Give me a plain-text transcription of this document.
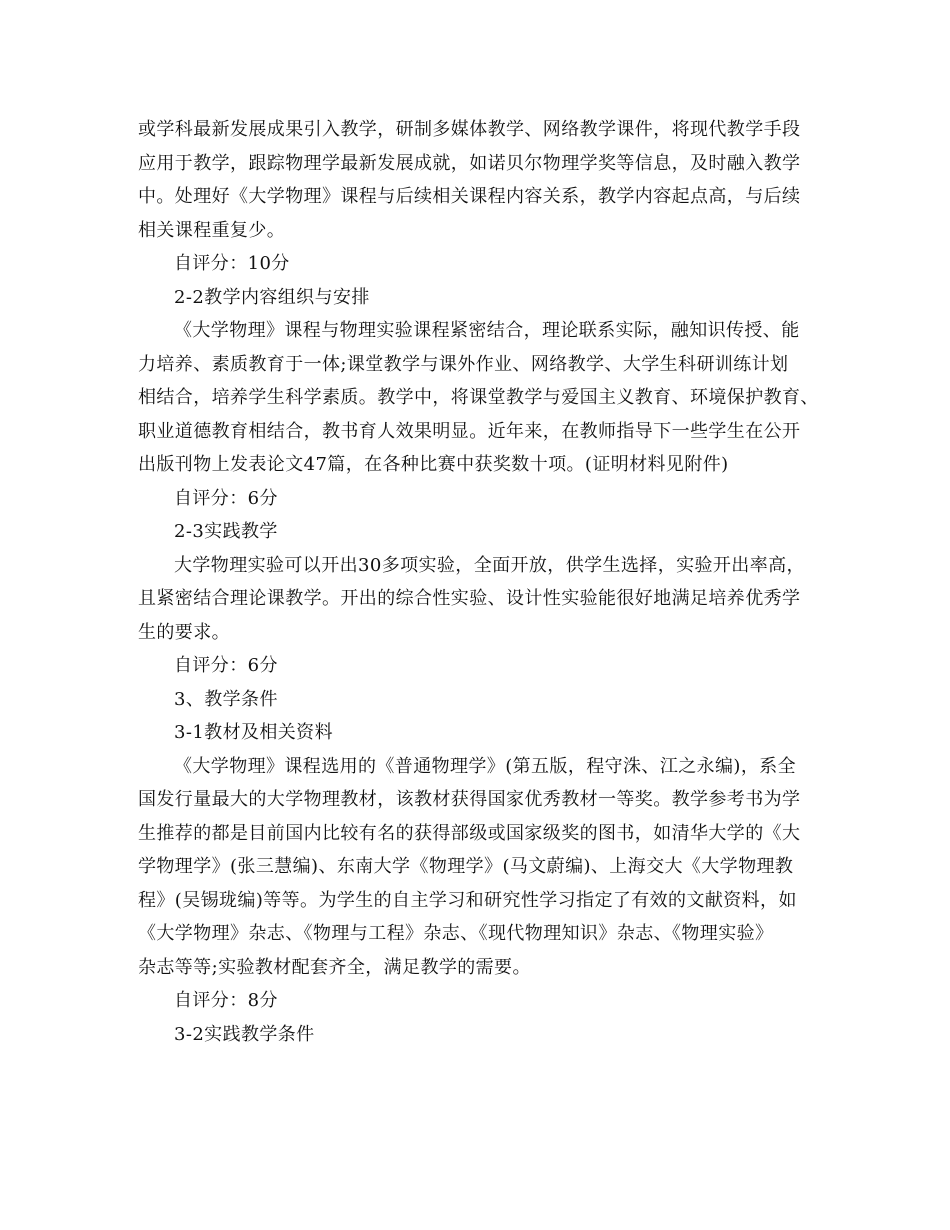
或学科最新发展成果引入教学，研制多媒体教学、网络教学课件，将现代教学手段
应用于教学，跟踪物理学最新发展成就，如诺贝尔物理学奖等信息，及时融入教学
中。处理好《大学物理》课程与后续相关课程内容关系，教学内容起点高，与后续
相关课程重复少。
自评分：10分
2-2教学内容组织与安排
《大学物理》课程与物理实验课程紧密结合，理论联系实际，融知识传授、能
力培养、素质教育于一体;课堂教学与课外作业、网络教学、大学生科研训练计划
相结合，培养学生科学素质。教学中，将课堂教学与爱国主义教育、环境保护教育、
职业道德教育相结合，教书育人效果明显。近年来，在教师指导下一些学生在公开
出版刊物上发表论文47篇，在各种比赛中获奖数十项。(证明材料见附件)
自评分：6分
2-3实践教学
大学物理实验可以开出30多项实验，全面开放，供学生选择，实验开出率高，
且紧密结合理论课教学。开出的综合性实验、设计性实验能很好地满足培养优秀学
生的要求。
自评分：6分
3、教学条件
3-1教材及相关资料
《大学物理》课程选用的《普通物理学》(第五版，程守洙、江之永编)，系全
国发行量最大的大学物理教材，该教材获得国家优秀教材一等奖。教学参考书为学
生推荐的都是目前国内比较有名的获得部级或国家级奖的图书，如清华大学的《大
学物理学》(张三慧编)、东南大学《物理学》(马文蔚编)、上海交大《大学物理教
程》(吴锡珑编)等等。为学生的自主学习和研究性学习指定了有效的文献资料，如
《大学物理》杂志、《物理与工程》杂志、《现代物理知识》杂志、《物理实验》
杂志等等;实验教材配套齐全，满足教学的需要。
自评分：8分
3-2实践教学条件
